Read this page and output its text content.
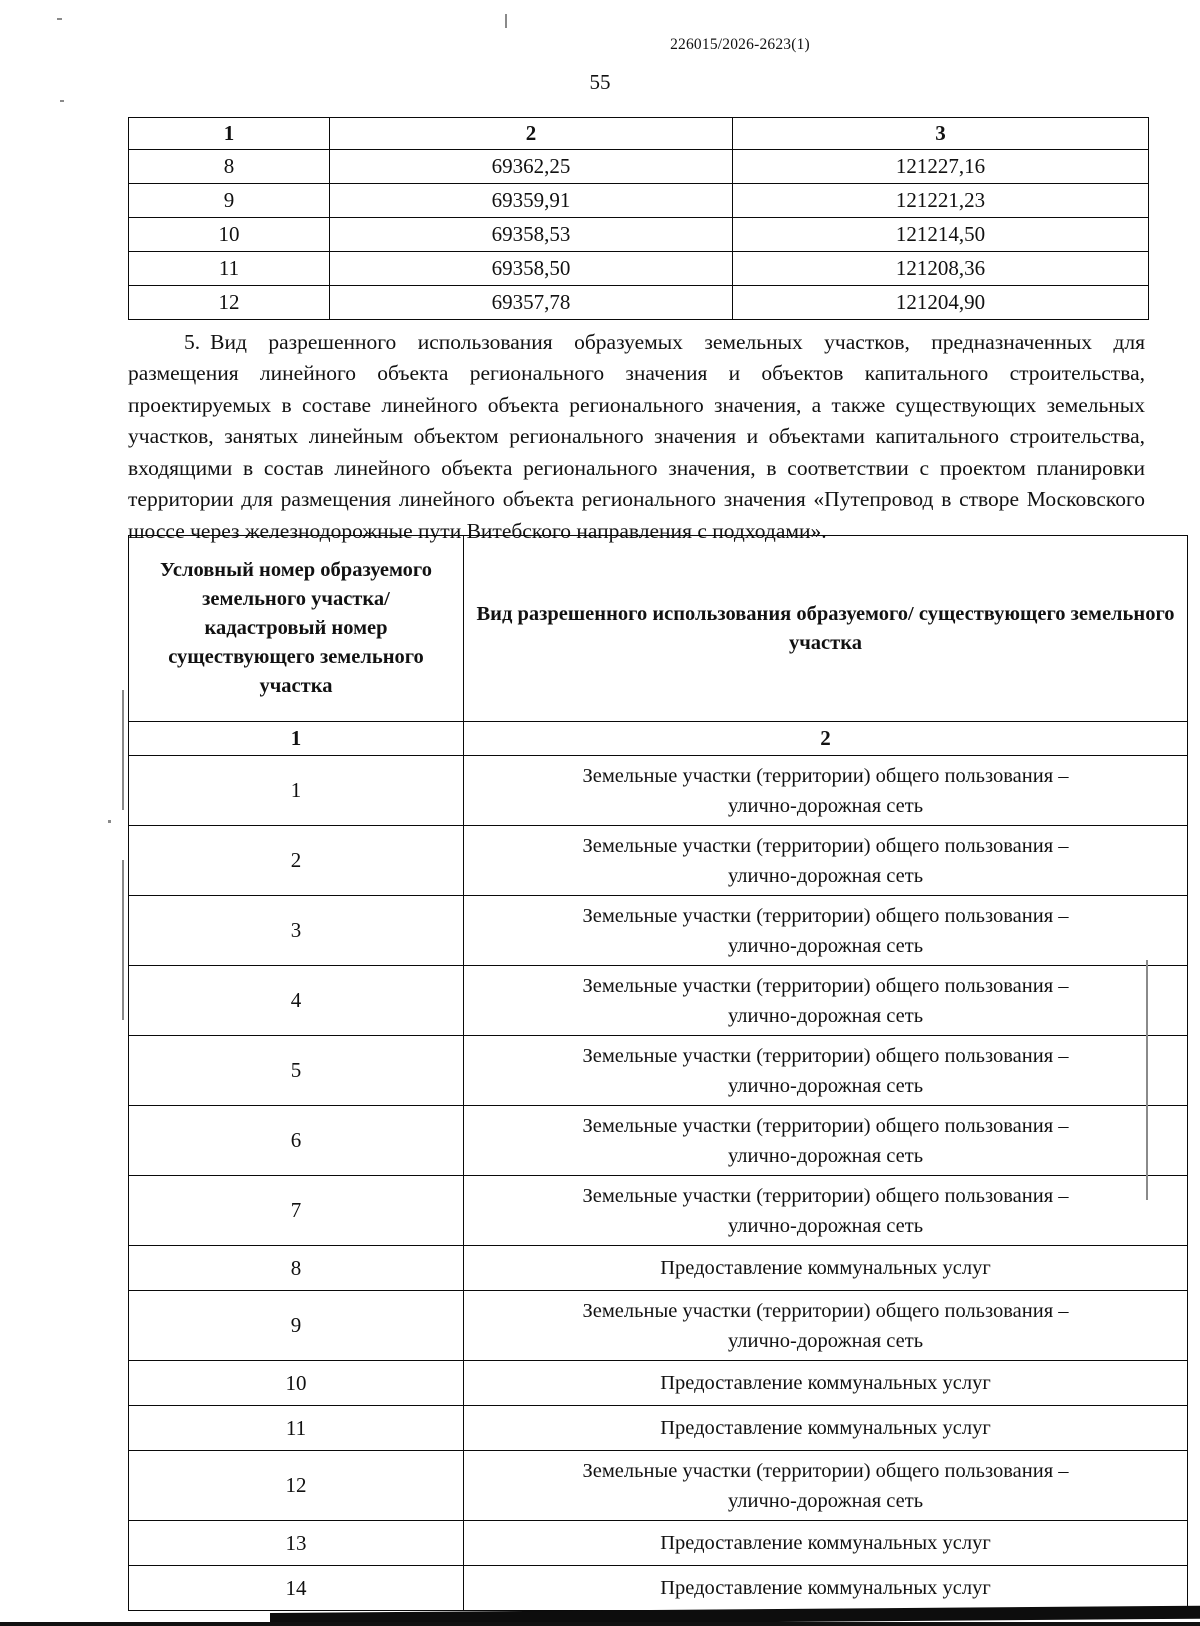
226015/2026-2623(1)
55
1	2	3
8	69362,25	121227,16
9	69359,91	121221,23
10	69358,53	121214,50
11	69358,50	121208,36
12	69357,78	121204,90

5. Вид разрешенного использования образуемых земельных участков, предназначенных для размещения линейного объекта регионального значения и объектов капитального строительства, проектируемых в составе линейного объекта регионального значения, а также существующих земельных участков, занятых линейным объектом регионального значения и объектами капитального строительства, входящими в состав линейного объекта регионального значения, в соответствии с проектом планировки территории для размещения линейного объекта регионального значения «Путепровод в створе Московского шоссе через железнодорожные пути Витебского направления с подходами».

Условный номер образуемого земельного участка/ кадастровый номер существующего земельного участка	Вид разрешенного использования образуемого/ существующего земельного участка
1	2
1	Земельные участки (территории) общего пользования –
улично-дорожная сеть
2	Земельные участки (территории) общего пользования –
улично-дорожная сеть
3	Земельные участки (территории) общего пользования –
улично-дорожная сеть
4	Земельные участки (территории) общего пользования –
улично-дорожная сеть
5	Земельные участки (территории) общего пользования –
улично-дорожная сеть
6	Земельные участки (территории) общего пользования –
улично-дорожная сеть
7	Земельные участки (территории) общего пользования –
улично-дорожная сеть
8	Предоставление коммунальных услуг
9	Земельные участки (территории) общего пользования –
улично-дорожная сеть
10	Предоставление коммунальных услуг
11	Предоставление коммунальных услуг
12	Земельные участки (территории) общего пользования –
улично-дорожная сеть
13	Предоставление коммунальных услуг
14	Предоставление коммунальных услуг
